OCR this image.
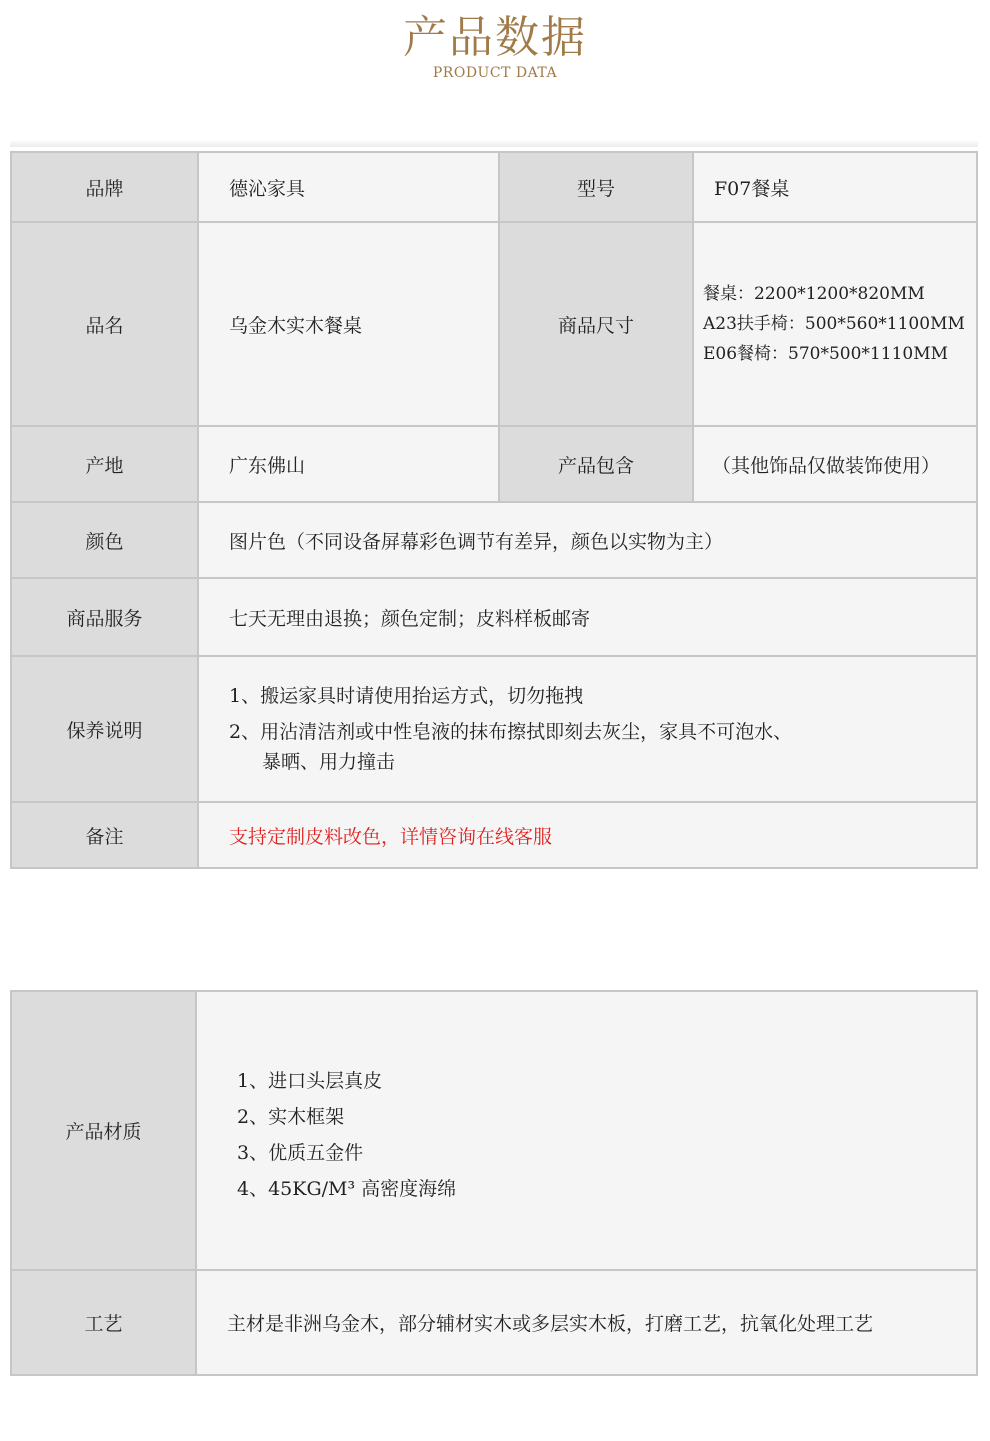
产品数据
PRODUCT DATA
品牌	德沁家具	型号	F07餐桌
品名	乌金木实木餐桌	商品尺寸	餐桌：2200*1200*820MM
A23扶手椅：500*560*1100MM
E06餐椅：570*500*1110MM

产地	广东佛山	产品包含	（其他饰品仅做装饰使用）
颜色	图片色（不同设备屏幕彩色调节有差异，颜色以实物为主）		
商品服务	七天无理由退换；颜色定制；皮料样板邮寄		
保养说明	1、搬运家具时请使用抬运方式，切勿拖拽
2、用沾清洁剂或中性皂液的抹布擦拭即刻去灰尘，家具不可泡水、
暴晒、用力撞击		

备注	支持定制皮料改色，详情咨询在线客服		
产品材质	1、进口头层真皮
2、实木框架
3、优质五金件
4、45KG/M³ 高密度海绵

工艺	主材是非洲乌金木，部分辅材实木或多层实木板，打磨工艺，抗氧化处理工艺
